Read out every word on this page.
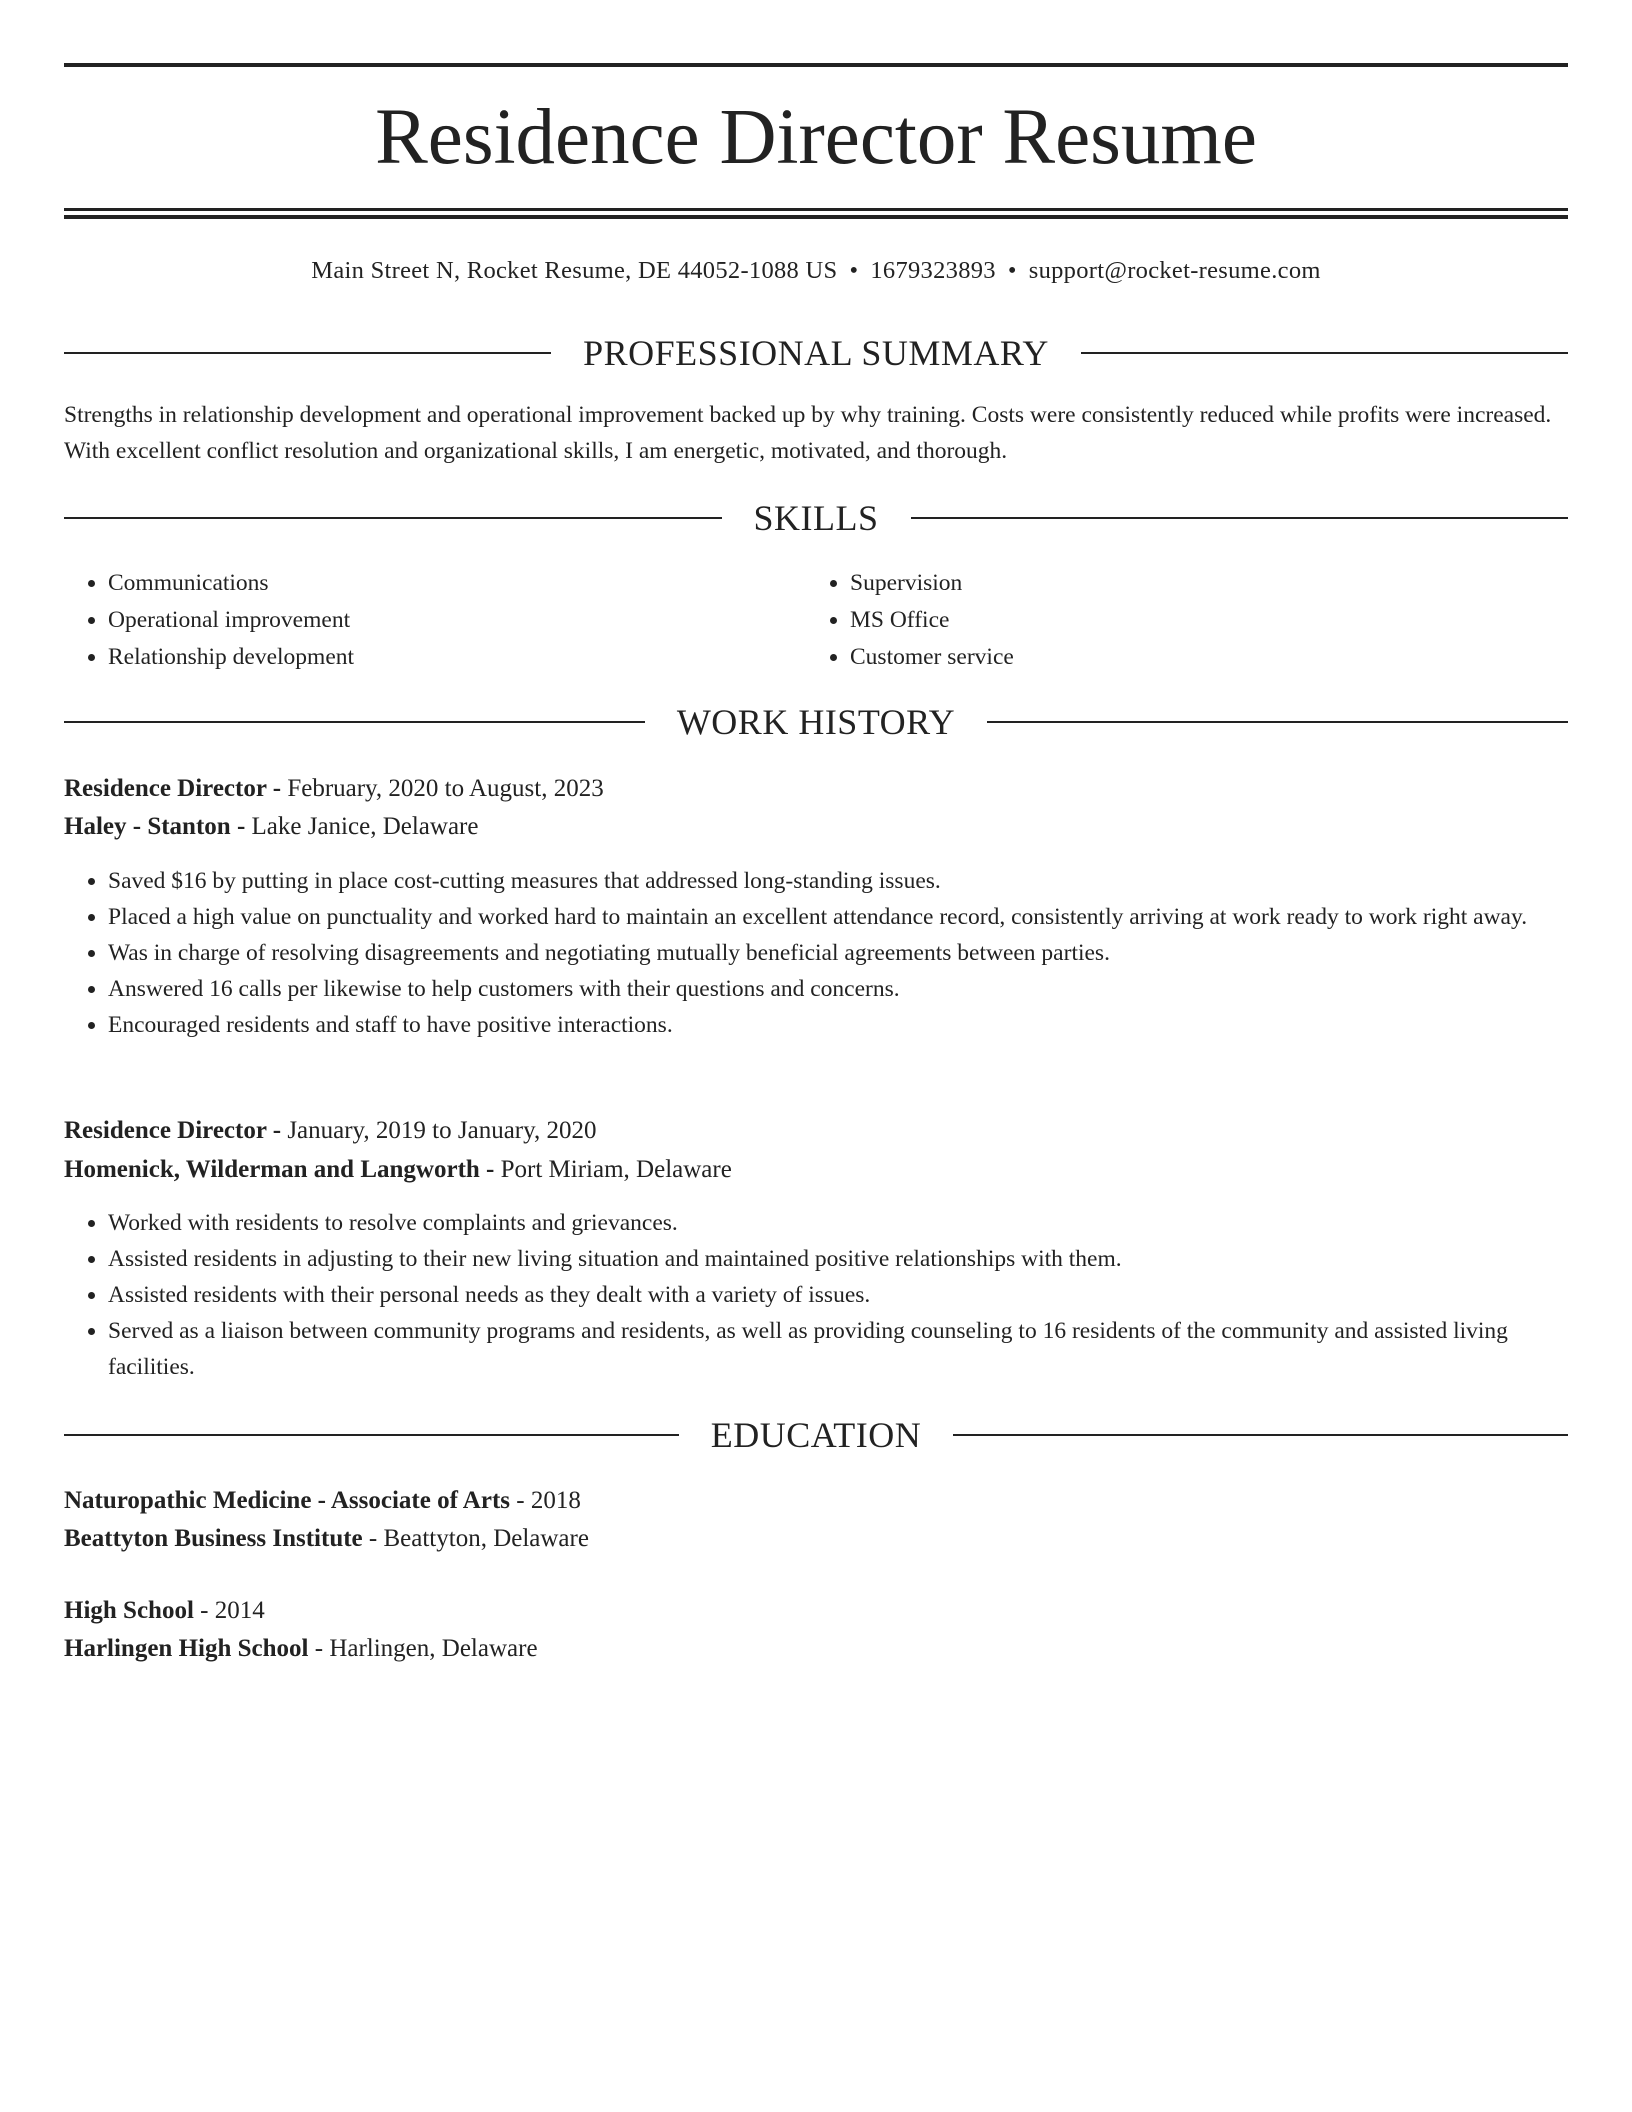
Residence Director Resume
Main Street N, Rocket Resume, DE 44052-1088 US • 1679323893 • support@rocket-resume.com
PROFESSIONAL SUMMARY

Strengths in relationship development and operational improvement backed up by why training. Costs were consistently reduced while profits were increased. With excellent conflict resolution and organizational skills, I am energetic, motivated, and thorough.

SKILLS
• Communications
• Operational improvement
• Relationship development
• Supervision
• MS Office
• Customer service
WORK HISTORY

Residence Director - February, 2020 to August, 2023

Haley - Stanton - Lake Janice, Delaware

• Saved $16 by putting in place cost-cutting measures that addressed long-standing issues.
• Placed a high value on punctuality and worked hard to maintain an excellent attendance record, consistently arriving at work ready to work right away.
• Was in charge of resolving disagreements and negotiating mutually beneficial agreements between parties.
• Answered 16 calls per likewise to help customers with their questions and concerns.
• Encouraged residents and staff to have positive interactions.

Residence Director - January, 2019 to January, 2020

Homenick, Wilderman and Langworth - Port Miriam, Delaware

• Worked with residents to resolve complaints and grievances.
• Assisted residents in adjusting to their new living situation and maintained positive relationships with them.
• Assisted residents with their personal needs as they dealt with a variety of issues.
• Served as a liaison between community programs and residents, as well as providing counseling to 16 residents of the community and assisted living facilities.
EDUCATION

Naturopathic Medicine - Associate of Arts - 2018

Beattyton Business Institute - Beattyton, Delaware

High School - 2014

Harlingen High School - Harlingen, Delaware
